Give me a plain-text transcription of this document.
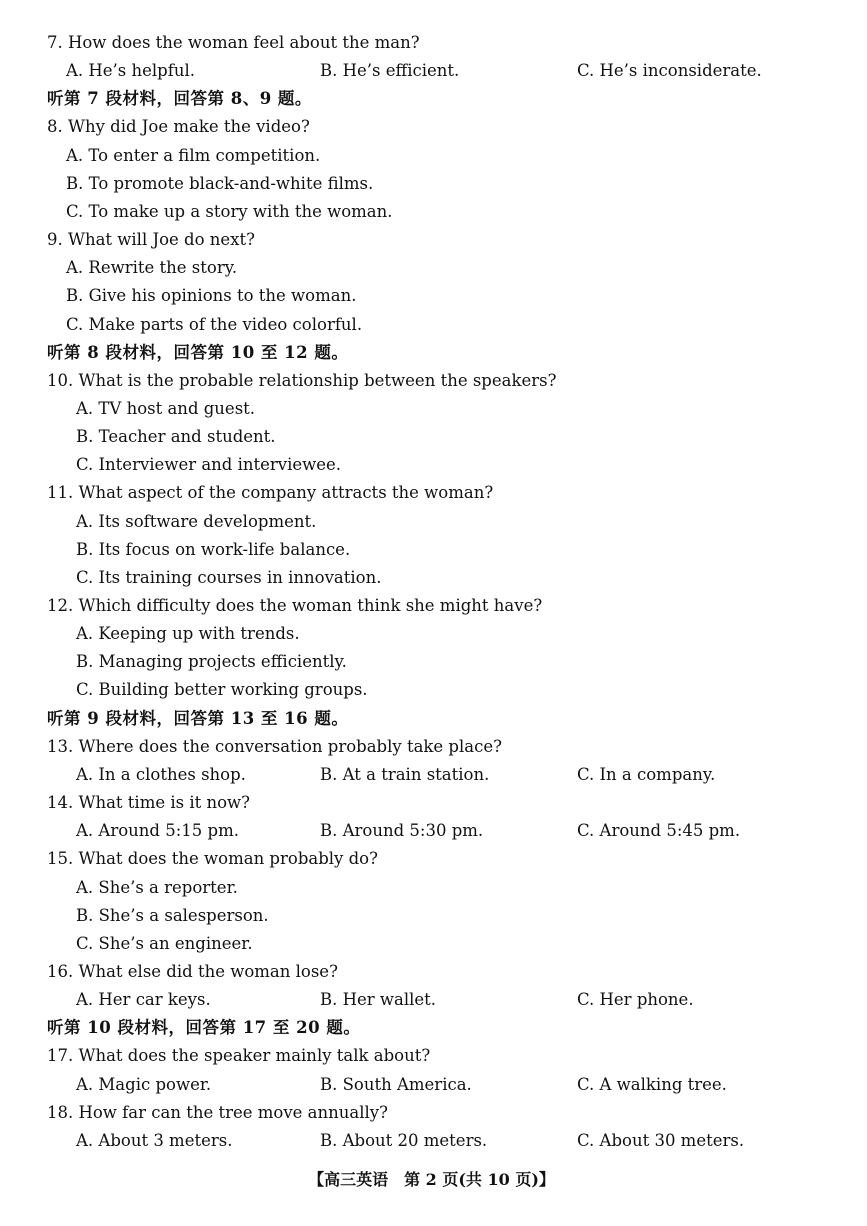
7. How does the woman feel about the man?
A. He’s helpful.	B. He’s efficient.	C. He’s inconsiderate.
听第 7 段材料，回答第 8、9 题。
8. Why did Joe make the video?
A. To enter a film competition.
B. To promote black-and-white films.
C. To make up a story with the woman.
9. What will Joe do next?
A. Rewrite the story.
B. Give his opinions to the woman.
C. Make parts of the video colorful.
听第 8 段材料，回答第 10 至 12 题。
10. What is the probable relationship between the speakers?
A. TV host and guest.
B. Teacher and student.
C. Interviewer and interviewee.
11. What aspect of the company attracts the woman?
A. Its software development.
B. Its focus on work-life balance.
C. Its training courses in innovation.
12. Which difficulty does the woman think she might have?
A. Keeping up with trends.
B. Managing projects efficiently.
C. Building better working groups.
听第 9 段材料，回答第 13 至 16 题。
13. Where does the conversation probably take place?
A. In a clothes shop.	B. At a train station.	C. In a company.
14. What time is it now?
A. Around 5:15 pm.	B. Around 5:30 pm.	C. Around 5:45 pm.
15. What does the woman probably do?
A. She’s a reporter.
B. She’s a salesperson.
C. She’s an engineer.
16. What else did the woman lose?
A. Her car keys.	B. Her wallet.	C. Her phone.
听第 10 段材料，回答第 17 至 20 题。
17. What does the speaker mainly talk about?
A. Magic power.	B. South America.	C. A walking tree.
18. How far can the tree move annually?
A. About 3 meters.	B. About 20 meters.	C. About 30 meters.
【高三英语　第 2 页(共 10 页)】
